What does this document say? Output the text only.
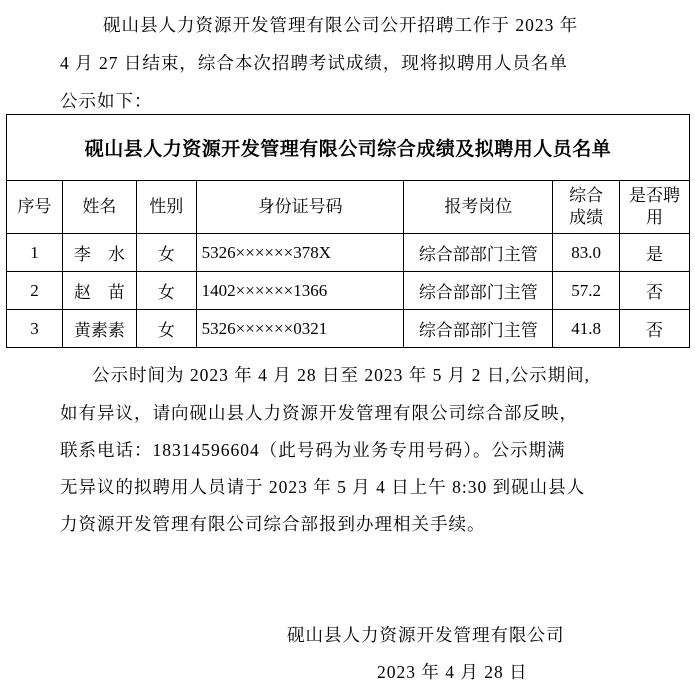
砚山县人力资源开发管理有限公司公开招聘工作于 2023 年
4 月 27 日结束，综合本次招聘考试成绩，现将拟聘用人员名单
公示如下：
砚山县人力资源开发管理有限公司综合成绩及拟聘用人员名单						
序号	姓名	性别	身份证号码	报考岗位	综合成绩	是否聘用
1	李　水	女	5326××××××378X	综合部部门主管	83.0	是
2	赵　苗	女	1402××××××1366	综合部部门主管	57.2	否
3	黄素素	女	5326××××××0321	综合部部门主管	41.8	否
公示时间为 2023 年 4 月 28 日至 2023 年 5 月 2 日,公示期间,
如有异议，请向砚山县人力资源开发管理有限公司综合部反映，
联系电话：18314596604（此号码为业务专用号码）。公示期满
无异议的拟聘用人员请于 2023 年 5 月 4 日上午 8:30 到砚山县人
力资源开发管理有限公司综合部报到办理相关手续。
砚山县人力资源开发管理有限公司
2023 年 4 月 28 日
